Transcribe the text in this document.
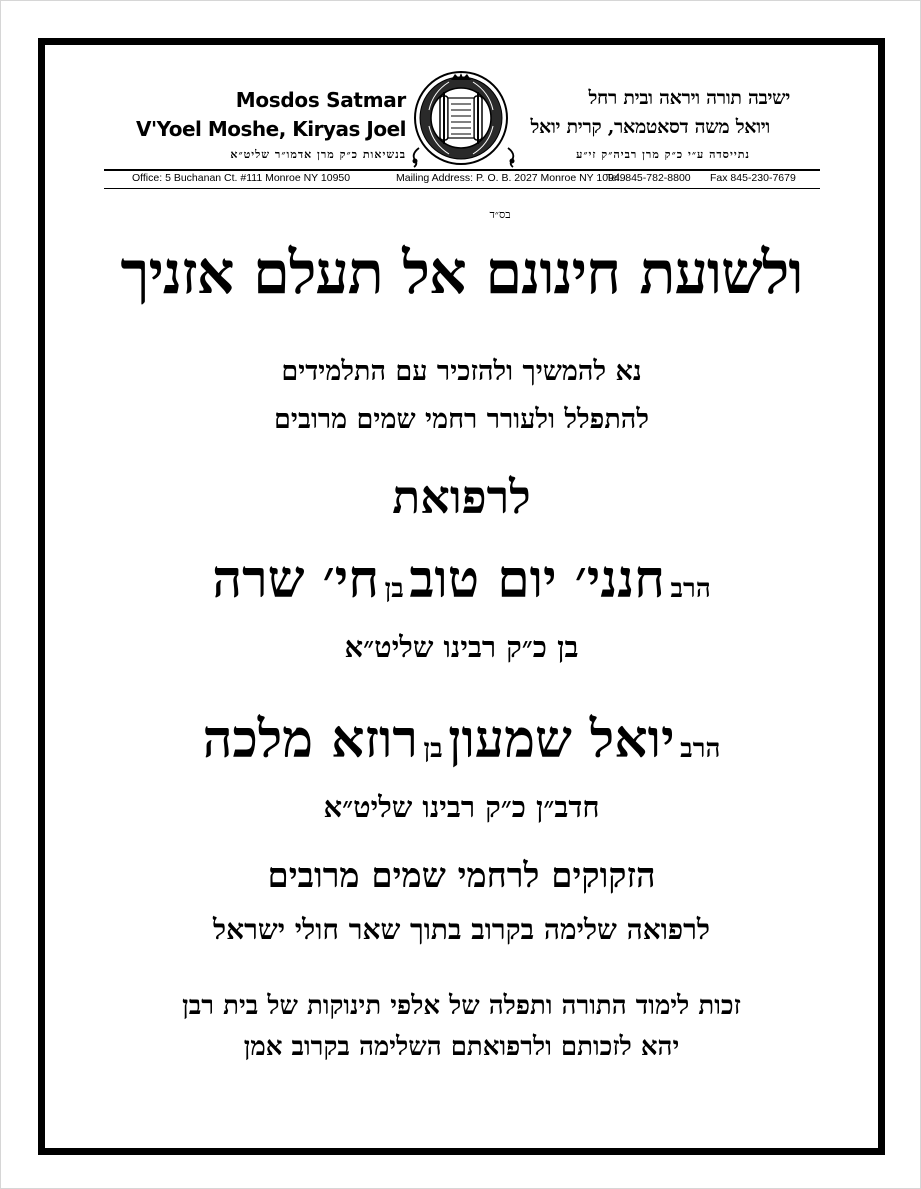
Mosdos Satmar
V'Yoel Moshe, Kiryas Joel
בנשיאות כ״ק מרן אדמו״ר שליט״א
ישיבה תורה ויראה ובית רחל
ויואל משה דסאטמאר, קרית יואל
נתייסדה ע״י כ״ק מרן רביה״ק זי״ע
Office: 5 Buchanan Ct. #111 Monroe NY 10950	Mailing Address: P. O. B. 2027 Monroe NY 10949
Tel. 845-782-8800 Fax 845-230-7679
בס״ד
ולשועת חינונם אל תעלם אזניך
נא להמשיך ולהזכיר עם התלמידים
להתפלל ולעורר רחמי שמים מרובים
לרפואת
הרב חנני׳ יום טוב בן חי׳ שרה
בן כ״ק רבינו שליט״א
הרב יואל שמעון בן רוזא מלכה
חדב״ן כ״ק רבינו שליט״א
הזקוקים לרחמי שמים מרובים
לרפואה שלימה בקרוב בתוך שאר חולי ישראל
זכות לימוד התורה ותפלה של אלפי תינוקות של בית רבן
יהא לזכותם ולרפואתם השלימה בקרוב אמן
